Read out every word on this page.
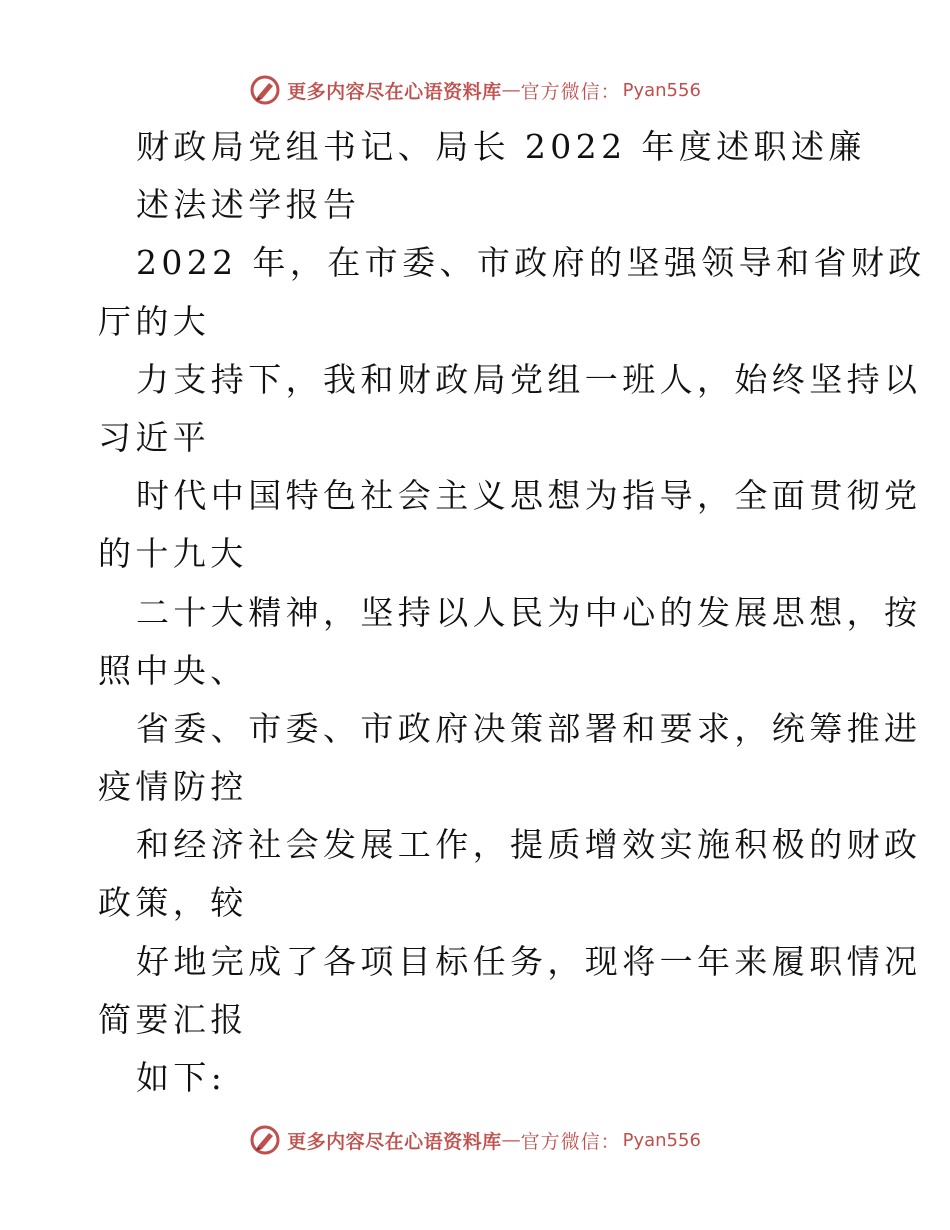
更多内容尽在心语资料库 — 官方微信： Pyan556
财政局党组书记、局长 2022 年度述职述廉
述法述学报告
2022 年，在市委、市政府的坚强领导和省财政
厅的大
力支持下，我和财政局党组一班人，始终坚持以
习近平
时代中国特色社会主义思想为指导，全面贯彻党
的十九大
二十大精神，坚持以人民为中心的发展思想，按
照中央、
省委、市委、市政府决策部署和要求，统筹推进
疫情防控
和经济社会发展工作，提质增效实施积极的财政
政策，较
好地完成了各项目标任务，现将一年来履职情况
简要汇报
如下:
更多内容尽在心语资料库 — 官方微信： Pyan556
